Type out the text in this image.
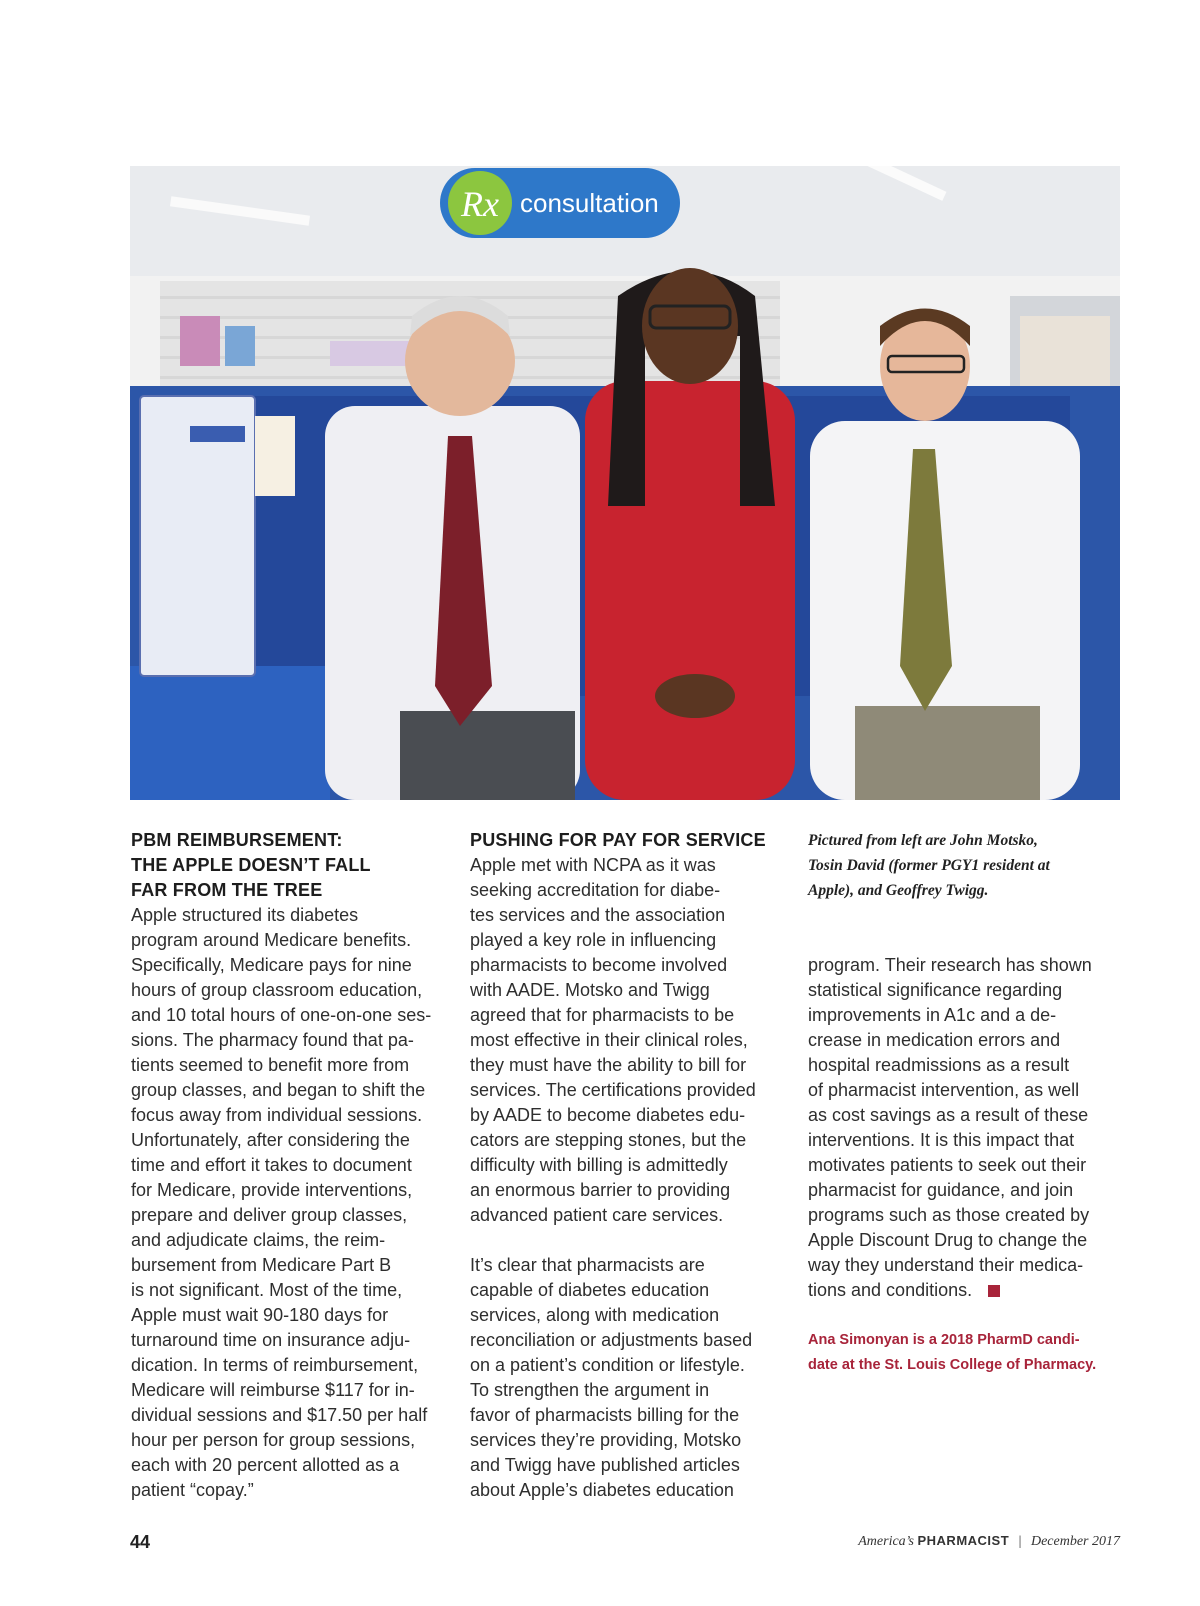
Rx consultation
PBM REIMBURSEMENT:
THE APPLE DOESN’T FALL
FAR FROM THE TREE
Apple structured its diabetes
program around Medicare benefits.
Specifically, Medicare pays for nine
hours of group classroom education,
and 10 total hours of one-on-one ses-
sions. The pharmacy found that pa-
tients seemed to benefit more from
group classes, and began to shift the
focus away from individual sessions.
Unfortunately, after considering the
time and effort it takes to document
for Medicare, provide interventions,
prepare and deliver group classes,
and adjudicate claims, the reim-
bursement from Medicare Part B
is not significant. Most of the time,
Apple must wait 90-180 days for
turnaround time on insurance adju-
dication. In terms of reimbursement,
Medicare will reimburse $117 for in-
dividual sessions and $17.50 per half
hour per person for group sessions,
each with 20 percent allotted as a
patient “copay.”
PUSHING FOR PAY FOR SERVICE
Apple met with NCPA as it was
seeking accreditation for diabe-
tes services and the association
played a key role in influencing
pharmacists to become involved
with AADE. Motsko and Twigg
agreed that for pharmacists to be
most effective in their clinical roles,
they must have the ability to bill for
services. The certifications provided
by AADE to become diabetes edu-
cators are stepping stones, but the
difficulty with billing is admittedly
an enormous barrier to providing
advanced patient care services.
It’s clear that pharmacists are
capable of diabetes education
services, along with medication
reconciliation or adjustments based
on a patient’s condition or lifestyle.
To strengthen the argument in
favor of pharmacists billing for the
services they’re providing, Motsko
and Twigg have published articles
about Apple’s diabetes education
Pictured from left are John Motsko,
Tosin David (former PGY1 resident at
Apple), and Geoffrey Twigg.
program. Their research has shown
statistical significance regarding
improvements in A1c and a de-
crease in medication errors and
hospital readmissions as a result
of pharmacist intervention, as well
as cost savings as a result of these
interventions. It is this impact that
motivates patients to seek out their
pharmacist for guidance, and join
programs such as those created by
Apple Discount Drug to change the
way they understand their medica-
tions and conditions.
Ana Simonyan is a 2018 PharmD candi-
date at the St. Louis College of Pharmacy.
44	America’s PHARMACIST | December 2017
